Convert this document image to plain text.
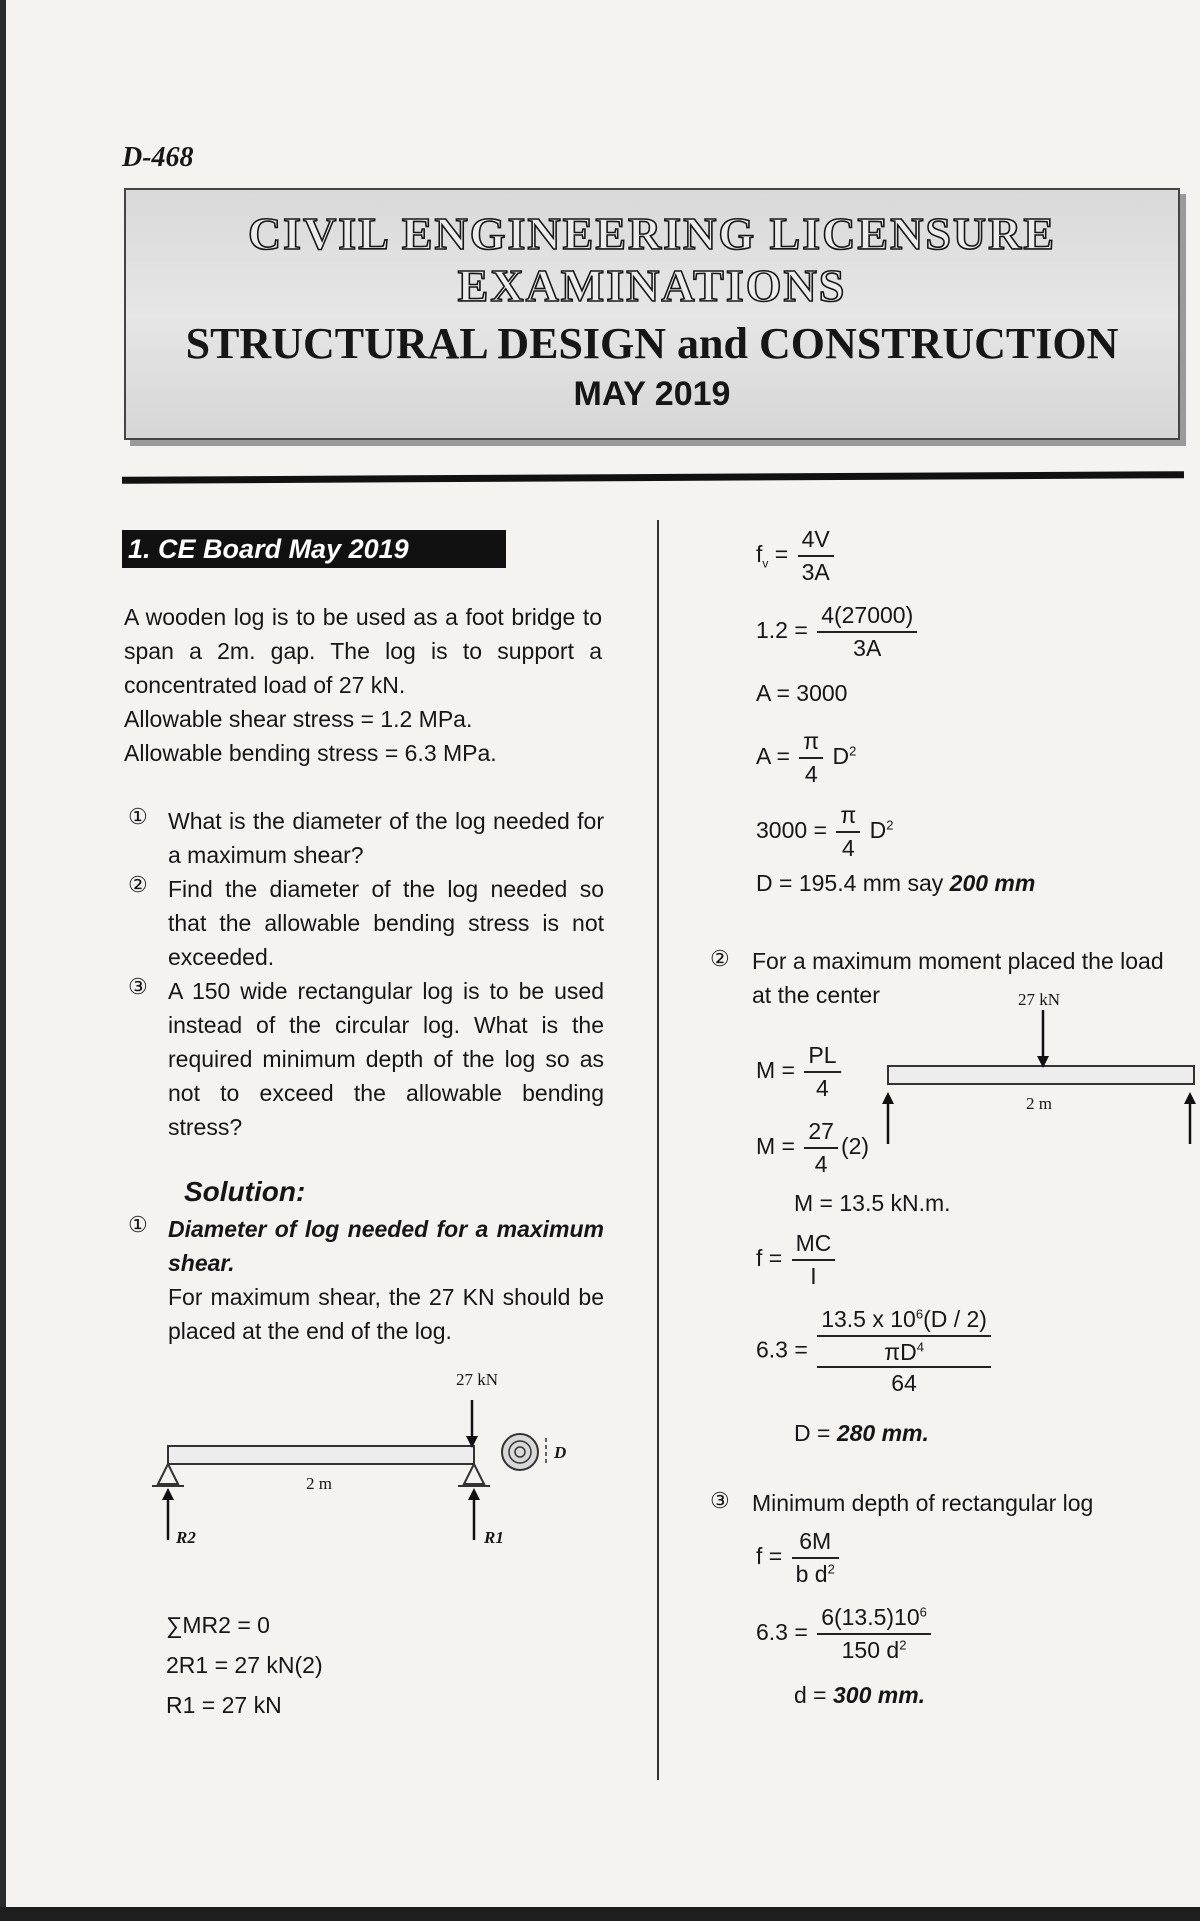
D-468
CIVIL ENGINEERING LICENSURE
EXAMINATIONS
STRUCTURAL DESIGN and CONSTRUCTION
MAY 2019
1. CE Board May 2019
A wooden log is to be used as a foot bridge to span a 2m. gap. The log is to support a concentrated load of 27 kN.
Allowable shear stress = 1.2 MPa.
Allowable bending stress = 6.3 MPa.
① What is the diameter of the log needed for a maximum shear?
② Find the diameter of the log needed so that the allowable bending stress is not exceeded.
③ A 150 wide rectangular log is to be used instead of the circular log. What is the required minimum depth of the log so as not to exceed the allowable bending stress?
Solution:
① Diameter of log needed for a maximum shear.
For maximum shear, the 27 KN should be placed at the end of the log.
27 kN
2 m
D
R2	R1
∑MR2 = 0
2R1 = 27 kN(2)
R1 = 27 kN
$f_v = \frac{4V}{3A}$
$1.2 = \frac{4(27000)}{3A}$
A = 3000
$A = \frac{\pi}{4} D^2$
$3000 = \frac{\pi}{4} D^2$
D = 195.4 mm say 200 mm
② For a maximum moment placed the load at the center	27 kN
2 m
$M = \frac{PL}{4}$
$M = \frac{27}{4} (2)$
M = 13.5 kN.m.
$f = \frac{MC}{I}$
6.3 =
13.5 x $10^6(D / 2)$
$\pi D^4$
64
D = 280 mm.
③ Minimum depth of rectangular log
$f = \frac{6M}{b d^2}$
$6.3 = \frac{6(13.5)10^6}{150 d^2}$
d = 300 mm.
